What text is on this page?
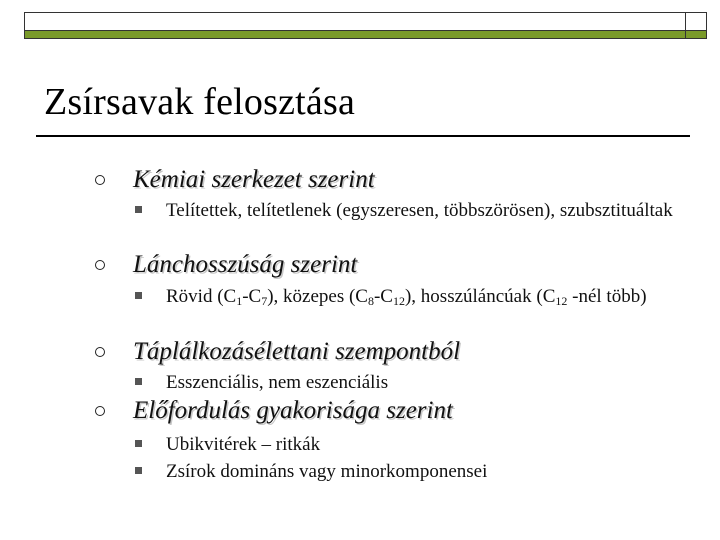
Zsírsavak felosztása
Kémiai szerkezet szerint
Telítettek, telítetlenek (egyszeresen, többszörösen), szubsztituáltak
Lánchosszúság szerint
Rövid $(C_1-C_7)$, közepes $(C_8-C_{12})$, hosszúláncúak ($C_{12}$ -nél több)
Táplálkozásélettani szempontból
Esszenciális, nem eszenciális
Előfordulás gyakorisága szerint
Ubikvitérek – ritkák
Zsírok domináns vagy minorkomponensei
